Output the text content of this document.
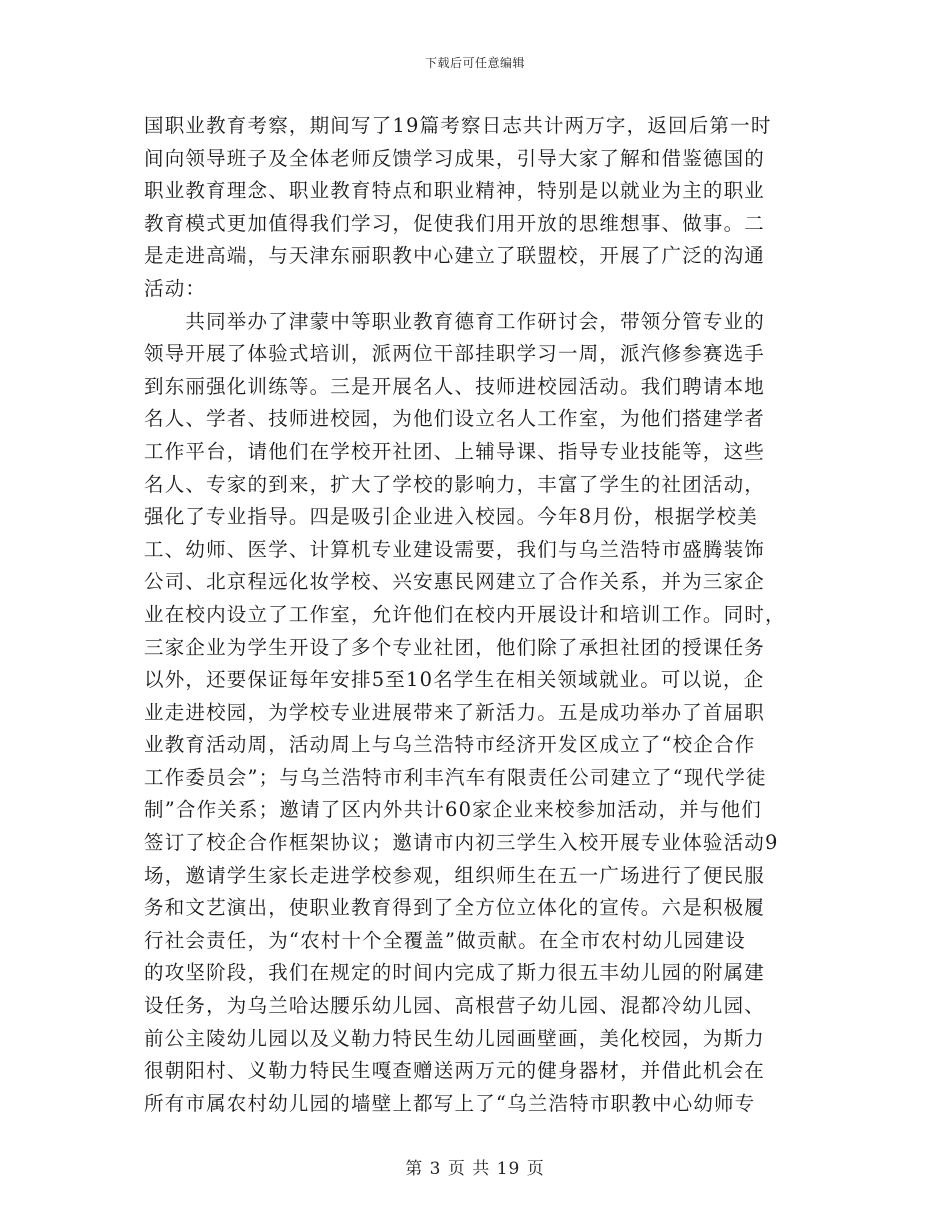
下载后可任意编辑
国职业教育考察，期间写了19篇考察日志共计两万字，返回后第一时
间向领导班子及全体老师反馈学习成果，引导大家了解和借鉴德国的
职业教育理念、职业教育特点和职业精神，特别是以就业为主的职业
教育模式更加值得我们学习，促使我们用开放的思维想事、做事。二
是走进高端，与天津东丽职教中心建立了联盟校，开展了广泛的沟通
活动：
　　共同举办了津蒙中等职业教育德育工作研讨会，带领分管专业的
领导开展了体验式培训，派两位干部挂职学习一周，派汽修参赛选手
到东丽强化训练等。三是开展名人、技师进校园活动。我们聘请本地
名人、学者、技师进校园，为他们设立名人工作室，为他们搭建学者
工作平台，请他们在学校开社团、上辅导课、指导专业技能等，这些
名人、专家的到来，扩大了学校的影响力，丰富了学生的社团活动，
强化了专业指导。四是吸引企业进入校园。今年8月份，根据学校美
工、幼师、医学、计算机专业建设需要，我们与乌兰浩特市盛腾装饰
公司、北京程远化妆学校、兴安惠民网建立了合作关系，并为三家企
业在校内设立了工作室，允许他们在校内开展设计和培训工作。同时，
三家企业为学生开设了多个专业社团，他们除了承担社团的授课任务
以外，还要保证每年安排5至10名学生在相关领域就业。可以说，企
业走进校园，为学校专业进展带来了新活力。五是成功举办了首届职
业教育活动周，活动周上与乌兰浩特市经济开发区成立了“校企合作
工作委员会”；与乌兰浩特市利丰汽车有限责任公司建立了“现代学徒
制”合作关系；邀请了区内外共计60家企业来校参加活动，并与他们
签订了校企合作框架协议；邀请市内初三学生入校开展专业体验活动9
场，邀请学生家长走进学校参观，组织师生在五一广场进行了便民服
务和文艺演出，使职业教育得到了全方位立体化的宣传。六是积极履
行社会责任，为“农村十个全覆盖”做贡献。在全市农村幼儿园建设
的攻坚阶段，我们在规定的时间内完成了斯力很五丰幼儿园的附属建
设任务，为乌兰哈达腰乐幼儿园、高根营子幼儿园、混都冷幼儿园、
前公主陵幼儿园以及义勒力特民生幼儿园画壁画，美化校园，为斯力
很朝阳村、义勒力特民生嘎查赠送两万元的健身器材，并借此机会在
所有市属农村幼儿园的墙壁上都写上了“乌兰浩特市职教中心幼师专
第 3 页 共 19 页
